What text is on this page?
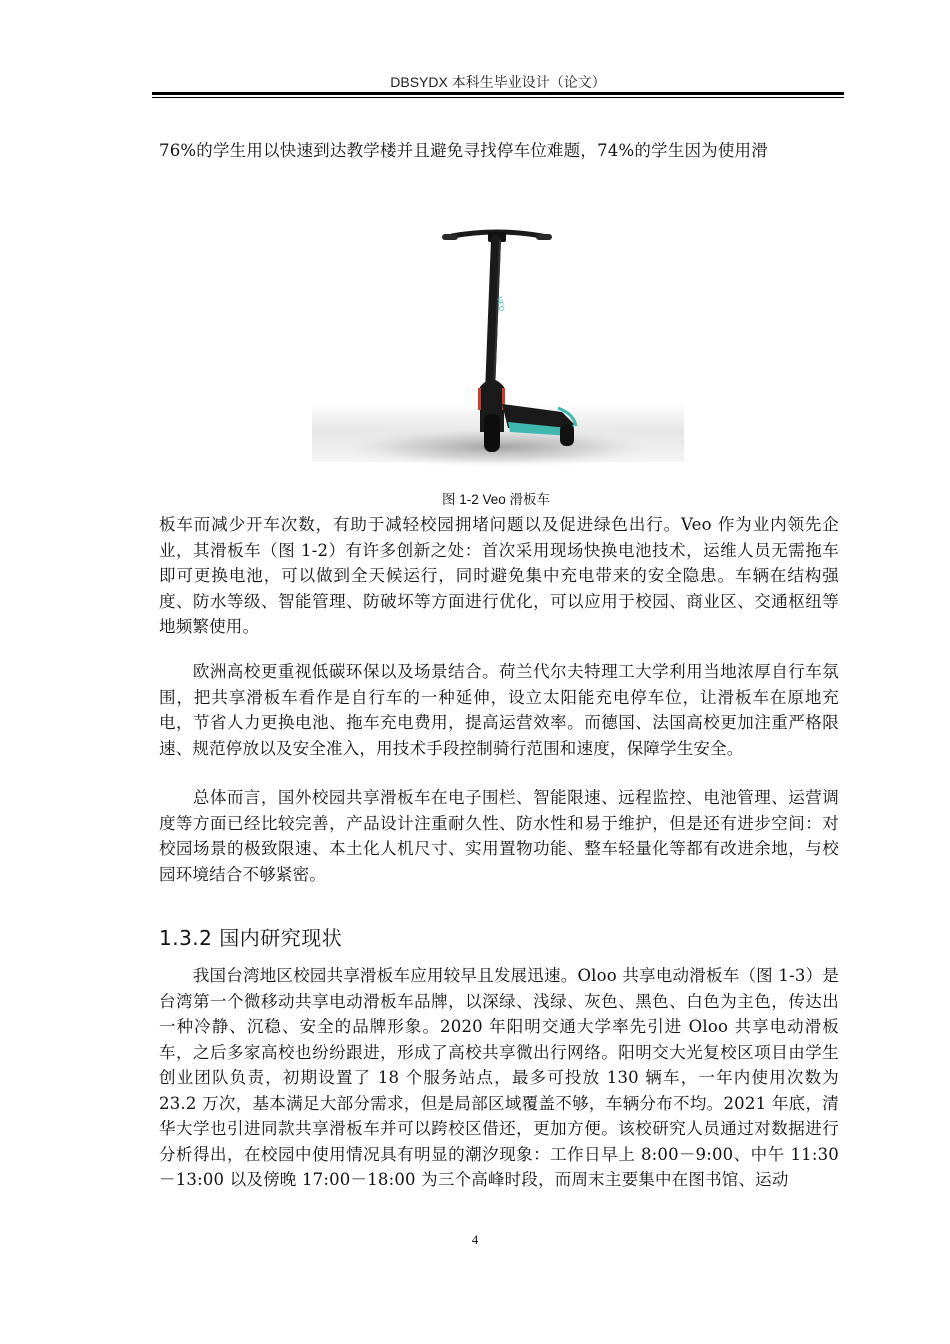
DBSYDX 本科生毕业设计（论文）

76%的学生用以快速到达教学楼并且避免寻找停车位难题，74%的学生因为使用滑

VEO
图 1-2 Veo 滑板车

板车而减少开车次数，有助于减轻校园拥堵问题以及促进绿色出行。Veo 作为业内领先企业，其滑板车（图 1-2）有许多创新之处：首次采用现场快换电池技术，运维人员无需拖车即可更换电池，可以做到全天候运行，同时避免集中充电带来的安全隐患。车辆在结构强度、防水等级、智能管理、防破坏等方面进行优化，可以应用于校园、商业区、交通枢纽等地频繁使用。

欧洲高校更重视低碳环保以及场景结合。荷兰代尔夫特理工大学利用当地浓厚自行车氛围，把共享滑板车看作是自行车的一种延伸，设立太阳能充电停车位，让滑板车在原地充电，节省人力更换电池、拖车充电费用，提高运营效率。而德国、法国高校更加注重严格限速、规范停放以及安全准入，用技术手段控制骑行范围和速度，保障学生安全。

总体而言，国外校园共享滑板车在电子围栏、智能限速、远程监控、电池管理、运营调度等方面已经比较完善，产品设计注重耐久性、防水性和易于维护，但是还有进步空间：对校园场景的极致限速、本土化人机尺寸、实用置物功能、整车轻量化等都有改进余地，与校园环境结合不够紧密。

1.3.2 国内研究现状

我国台湾地区校园共享滑板车应用较早且发展迅速。Oloo 共享电动滑板车（图 1-3）是台湾第一个微移动共享电动滑板车品牌，以深绿、浅绿、灰色、黑色、白色为主色，传达出一种冷静、沉稳、安全的品牌形象。2020 年阳明交通大学率先引进 Oloo 共享电动滑板车，之后多家高校也纷纷跟进，形成了高校共享微出行网络。阳明交大光复校区项目由学生创业团队负责，初期设置了 18 个服务站点，最多可投放 130 辆车，一年内使用次数为 23.2 万次，基本满足大部分需求，但是局部区域覆盖不够，车辆分布不均。2021 年底，清华大学也引进同款共享滑板车并可以跨校区借还，更加方便。该校研究人员通过对数据进行分析得出，在校园中使用情况具有明显的潮汐现象：工作日早上 8:00－9:00、中午 11:30－13:00 以及傍晚 17:00－18:00 为三个高峰时段，而周末主要集中在图书馆、运动

4
